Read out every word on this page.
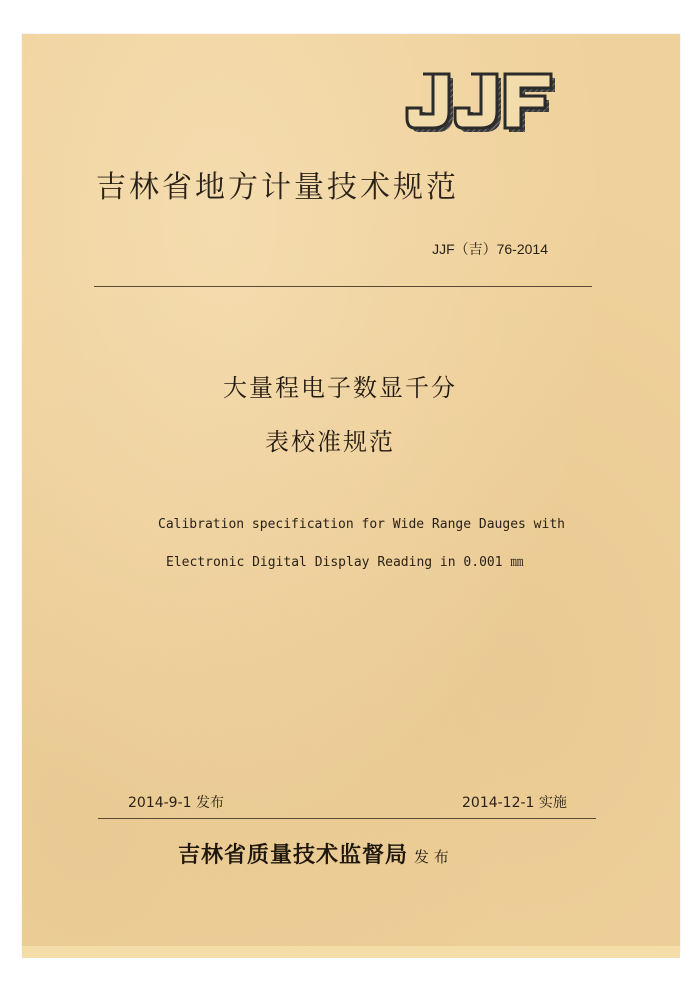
吉林省地方计量技术规范
JJF（吉）76-2014
大量程电子数显千分
表校准规范
Calibration specification for Wide Range Dauges with
Electronic Digital Display Reading in 0.001 ㎜
2014-9-1 发布	2014-12-1 实施
吉林省质量技术监督局 发 布
